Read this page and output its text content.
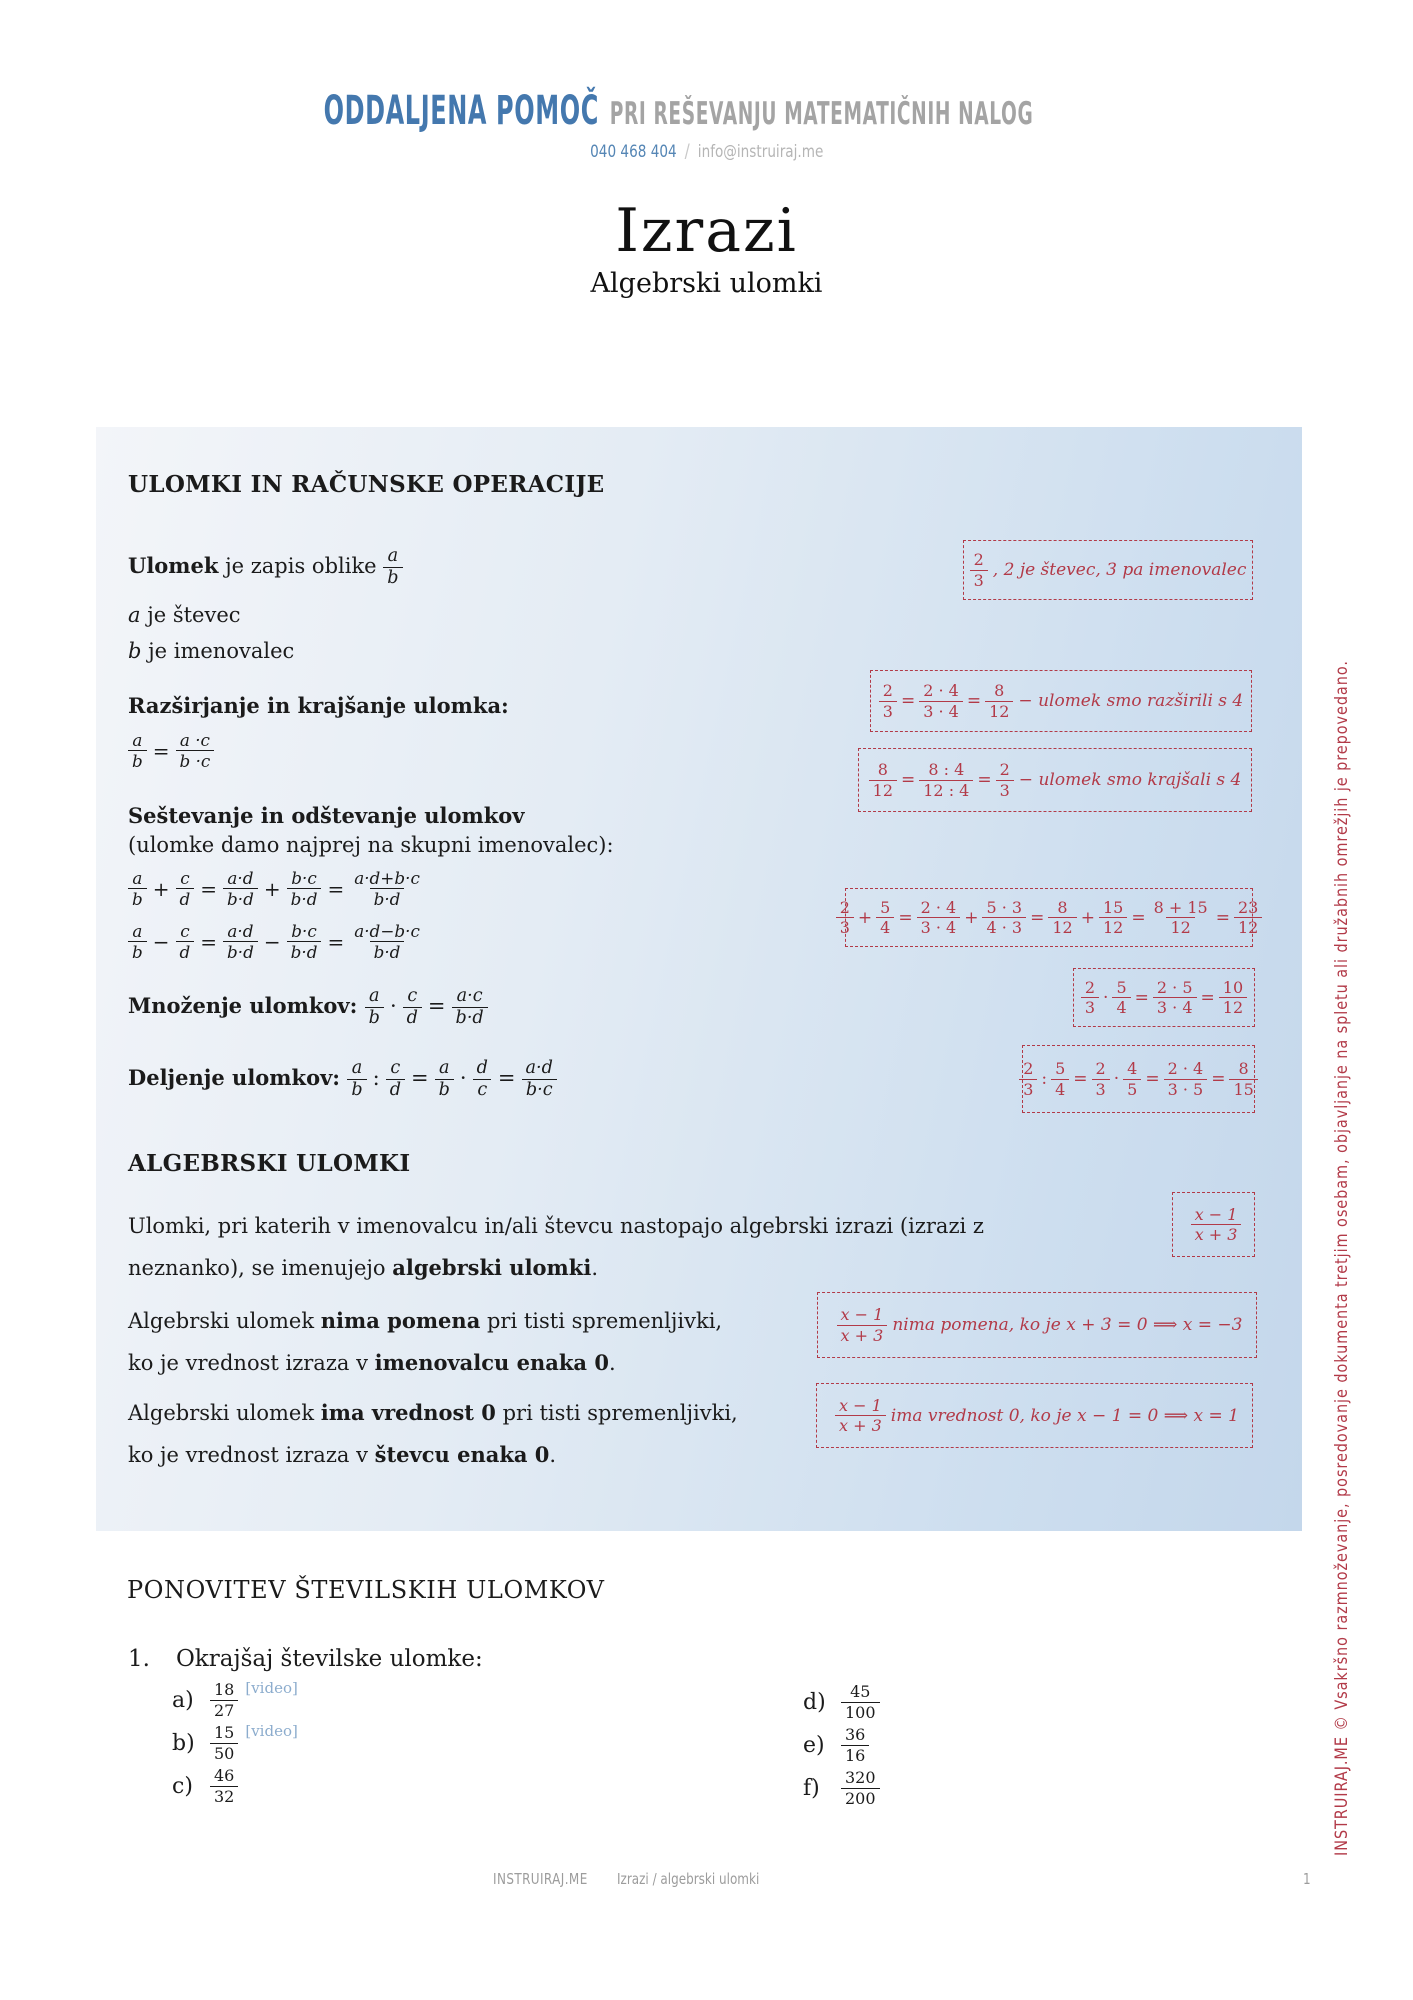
ODDALJENA POMOČ PRI REŠEVANJU MATEMATIČNIH NALOG
040 468 404 / info@instruiraj.me
Izrazi
Algebrski ulomki
ULOMKI IN RAČUNSKE OPERACIJE
Ulomek je zapis oblike $\frac{a}{b}$
a je števec
b je imenovalec
Razširjanje in krajšanje ulomka:
$\frac{a}{b} = \frac{a \cdot c}{b \cdot c}$
Seštevanje in odštevanje ulomkov
(ulomke damo najprej na skupni imenovalec):
$\frac{a}{b} + \frac{c}{d} = \frac{a\cdot d}{b\cdot d} + \frac{b\cdot c}{b\cdot d} = \frac{a\cdot d+b\cdot c}{b\cdot d}$
$\frac{a}{b} - \frac{c}{d} = \frac{a\cdot d}{b\cdot d} - \frac{b\cdot c}{b\cdot d} = \frac{a\cdot d-b\cdot c}{b\cdot d}$
Množenje ulomkov: $\frac{a}{b} \cdot \frac{c}{d} = \frac{a\cdot c}{b\cdot d}$
Deljenje ulomkov: $\frac{a}{b}$ : $\frac{c}{d} = \frac{a}{b} \cdot \frac{d}{c} = \frac{a\cdot d}{b\cdot c}$
ALGEBRSKI ULOMKI
Ulomki, pri katerih v imenovalcu in/ali števcu nastopajo algebrski izrazi (izrazi z
neznanko), se imenujejo algebrski ulomki.
Algebrski ulomek nima pomena pri tisti spremenljivki,
ko je vrednost izraza v imenovalcu enaka 0.
Algebrski ulomek ima vrednost 0 pri tisti spremenljivki,
ko je vrednost izraza v števcu enaka 0.
$\frac{2}{3}$ , 2 je števec, 3 pa imenovalec
$\frac{2}{3} = \frac{2 \cdot 4}{3 \cdot 4} = \frac{8}{12}$ − ulomek smo razširili s 4
$\frac{8}{12} = \frac{8 : 4}{12 : 4} = \frac{2}{3}$ − ulomek smo krajšali s 4
$\frac{2}{3} + \frac{5}{4} = \frac{2 \cdot 4}{3 \cdot 4} + \frac{5 \cdot 3}{4 \cdot 3} = \frac{8}{12} + \frac{15}{12} = \frac{8 + 15}{12} = \frac{23}{12}$
$\frac{2}{3} \cdot \frac{5}{4} = \frac{2 \cdot 5}{3 \cdot 4} = \frac{10}{12}$
$\frac{2}{3}$ : $\frac{5}{4} = \frac{2}{3} \cdot \frac{4}{5} = \frac{2 \cdot 4}{3 \cdot 5} = \frac{8}{15}$
$\frac{x - 1}{x + 3}$
$\frac{x - 1}{x + 3}$ nima pomena, ko je x + 3 = 0 ⟹ x = −3
$\frac{x - 1}{x + 3}$ ima vrednost 0, ko je x − 1 = 0 ⟹ x = 1
PONOVITEV ŠTEVILSKIH ULOMKOV
1. Okrajšaj številske ulomke:
a)	$\frac{18}{27}$ [video]
$b) \frac{15}{50}$ [video]
c)	$\frac{46}{32}$
$d) \frac{45}{100}$
e)	$\frac{36}{16}$
f)	$\frac{320}{200}$
INSTRUIRAJ.ME Izrazi / algebrski ulomki	1
INSTRUIRAJ.ME © Vsakršno razmnoževanje, posredovanje dokumenta tretjim osebam, objavljanje na spletu ali družabnih omrežjih je prepovedano.
